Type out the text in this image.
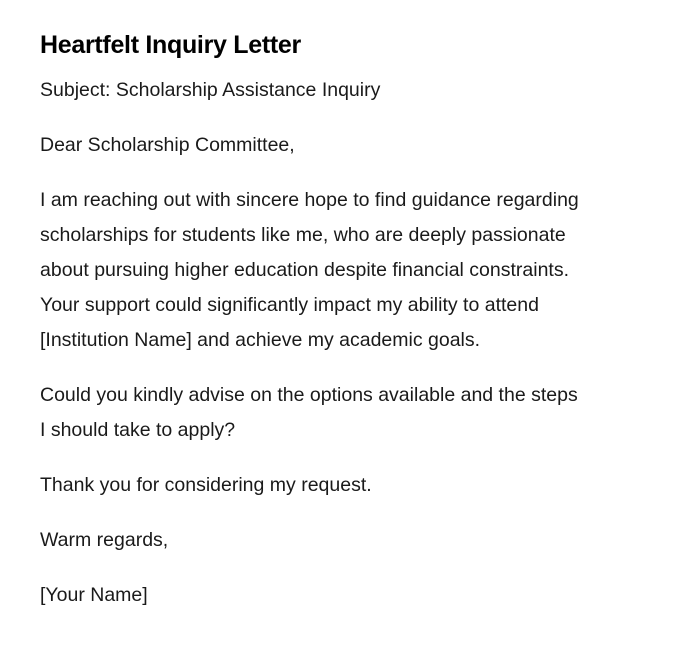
Heartfelt Inquiry Letter

Subject: Scholarship Assistance Inquiry

Dear Scholarship Committee,

I am reaching out with sincere hope to find guidance regarding
scholarships for students like me, who are deeply passionate
about pursuing higher education despite financial constraints.
Your support could significantly impact my ability to attend
[Institution Name] and achieve my academic goals.

Could you kindly advise on the options available and the steps
I should take to apply?

Thank you for considering my request.

Warm regards,

[Your Name]
